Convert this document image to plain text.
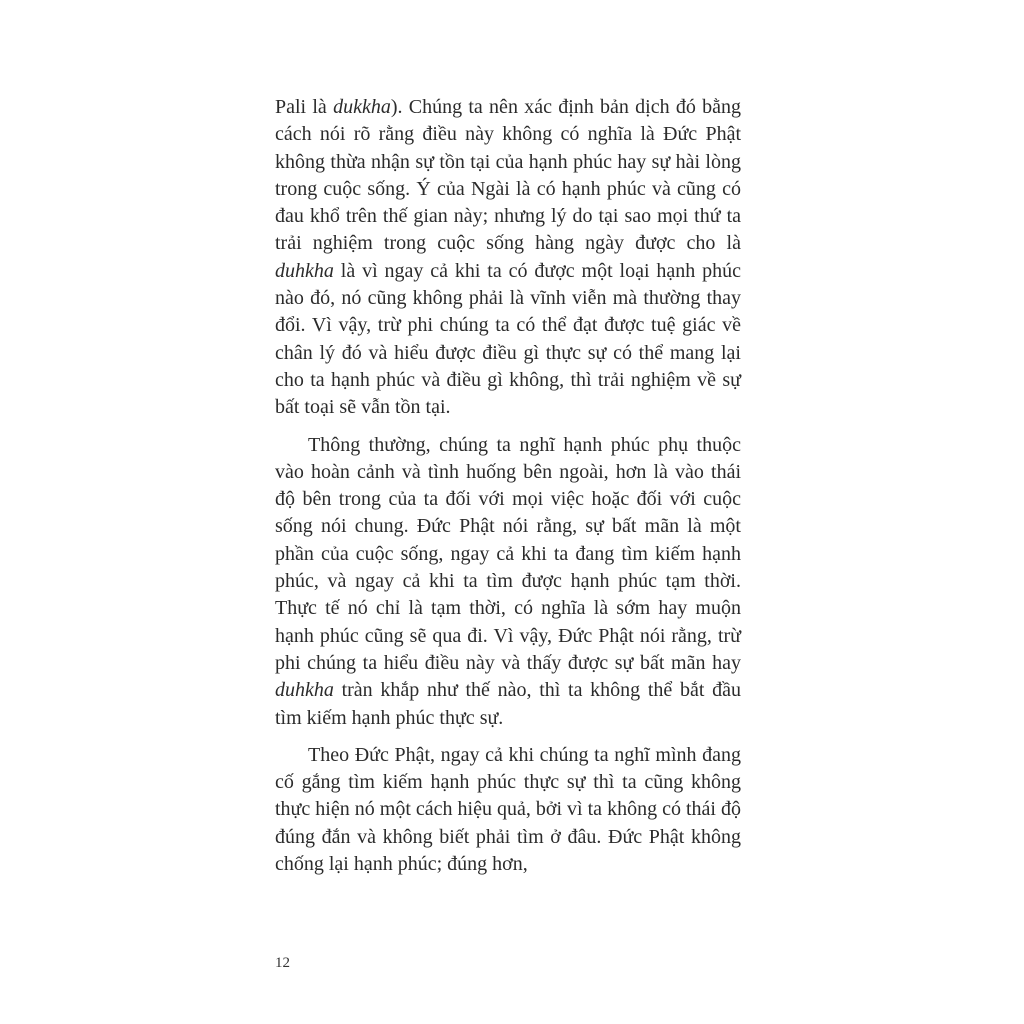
Pali là dukkha). Chúng ta nên xác định bản dịch đó bằng cách nói rõ rằng điều này không có nghĩa là Đức Phật không thừa nhận sự tồn tại của hạnh phúc hay sự hài lòng trong cuộc sống. Ý của Ngài là có hạnh phúc và cũng có đau khổ trên thế gian này; nhưng lý do tại sao mọi thứ ta trải nghiệm trong cuộc sống hàng ngày được cho là duhkha là vì ngay cả khi ta có được một loại hạnh phúc nào đó, nó cũng không phải là vĩnh viễn mà thường thay đổi. Vì vậy, trừ phi chúng ta có thể đạt được tuệ giác về chân lý đó và hiểu được điều gì thực sự có thể mang lại cho ta hạnh phúc và điều gì không, thì trải nghiệm về sự bất toại sẽ vẫn tồn tại.

Thông thường, chúng ta nghĩ hạnh phúc phụ thuộc vào hoàn cảnh và tình huống bên ngoài, hơn là vào thái độ bên trong của ta đối với mọi việc hoặc đối với cuộc sống nói chung. Đức Phật nói rằng, sự bất mãn là một phần của cuộc sống, ngay cả khi ta đang tìm kiếm hạnh phúc, và ngay cả khi ta tìm được hạnh phúc tạm thời. Thực tế nó chỉ là tạm thời, có nghĩa là sớm hay muộn hạnh phúc cũng sẽ qua đi. Vì vậy, Đức Phật nói rằng, trừ phi chúng ta hiểu điều này và thấy được sự bất mãn hay duhkha tràn khắp như thế nào, thì ta không thể bắt đầu tìm kiếm hạnh phúc thực sự.

Theo Đức Phật, ngay cả khi chúng ta nghĩ mình đang cố gắng tìm kiếm hạnh phúc thực sự thì ta cũng không thực hiện nó một cách hiệu quả, bởi vì ta không có thái độ đúng đắn và không biết phải tìm ở đâu. Đức Phật không chống lại hạnh phúc; đúng hơn,

12
